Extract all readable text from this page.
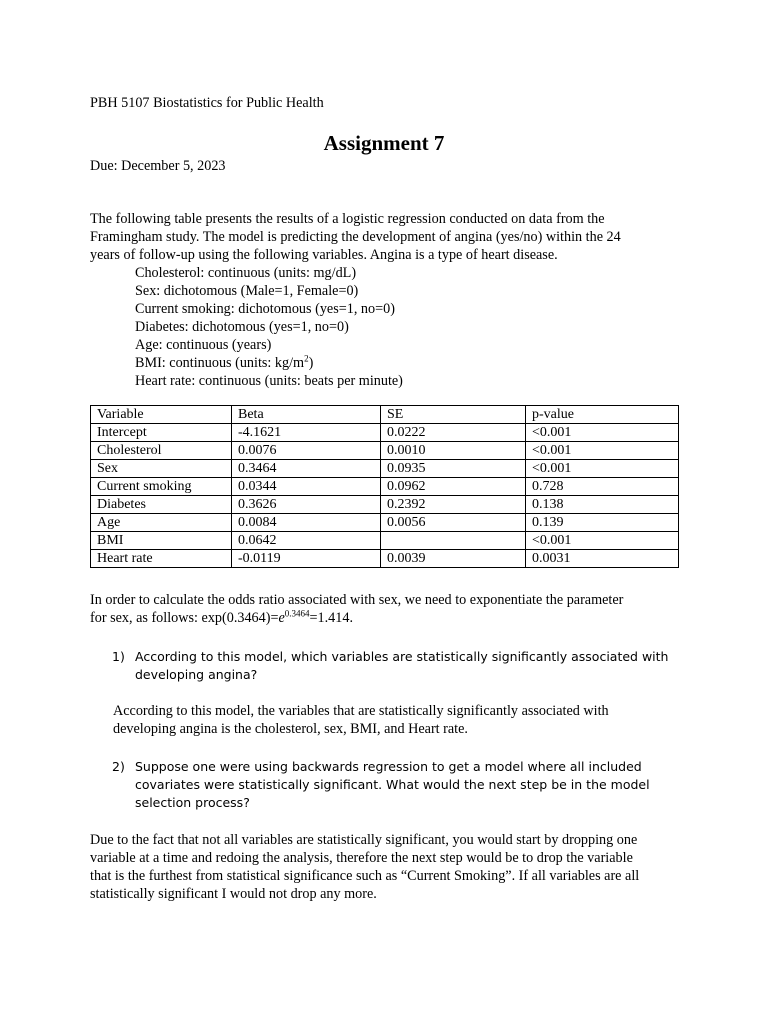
PBH 5107 Biostatistics for Public Health
Assignment 7
Due: December 5, 2023
The following table presents the results of a logistic regression conducted on data from the
Framingham study. The model is predicting the development of angina (yes/no) within the 24
years of follow-up using the following variables. Angina is a type of heart disease.
Cholesterol: continuous (units: mg/dL)
Sex: dichotomous (Male=1, Female=0)
Current smoking: dichotomous (yes=1, no=0)
Diabetes: dichotomous (yes=1, no=0)
Age: continuous (years)
BMI: continuous (units: $kg/m^2$)
Heart rate: continuous (units: beats per minute)
Variable	Beta	SE	p-value
Intercept	-4.1621	0.0222	<0.001
Cholesterol	0.0076	0.0010	<0.001
Sex	0.3464	0.0935	<0.001
Current smoking	0.0344	0.0962	0.728
Diabetes	0.3626	0.2392	0.138
Age	0.0084	0.0056	0.139
BMI	0.0642		<0.001
Heart rate	-0.0119	0.0039	0.0031
In order to calculate the odds ratio associated with sex, we need to exponentiate the parameter
for sex, as follows: $\exp(0.3464)=e^{0.3464}=1.414$.
1) According to this model, which variables are statistically significantly associated with
developing angina?
According to this model, the variables that are statistically significantly associated with
developing angina is the cholesterol, sex, BMI, and Heart rate.
2) Suppose one were using backwards regression to get a model where all included
covariates were statistically significant. What would the next step be in the model
selection process?
Due to the fact that not all variables are statistically significant, you would start by dropping one
variable at a time and redoing the analysis, therefore the next step would be to drop the variable
that is the furthest from statistical significance such as “Current Smoking”. If all variables are all
statistically significant I would not drop any more.
